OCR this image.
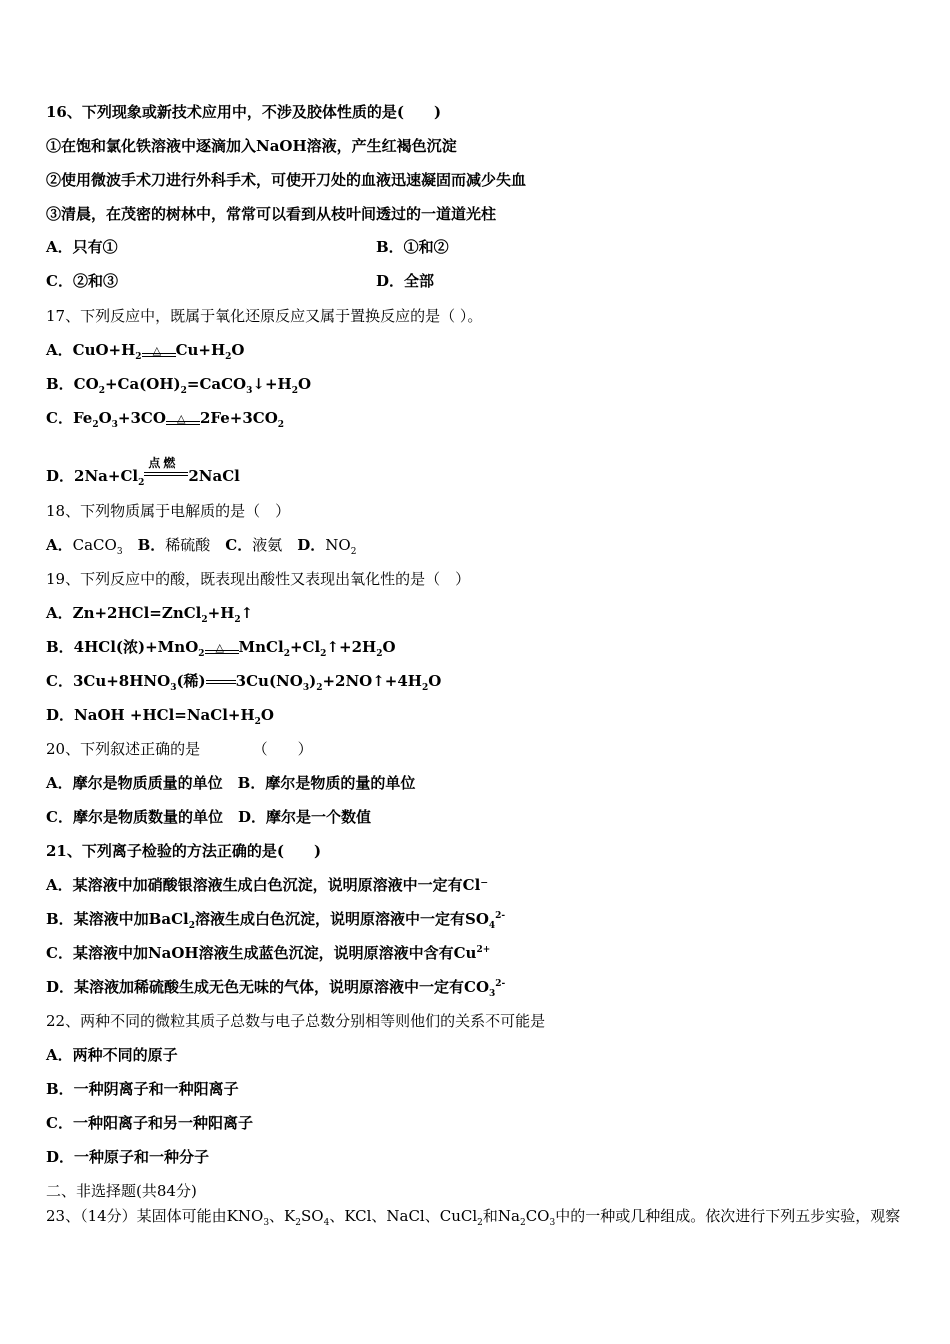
16、下列现象或新技术应用中，不涉及胶体性质的是(　　)
①在饱和氯化铁溶液中逐滴加入NaOH溶液，产生红褐色沉淀
②使用微波手术刀进行外科手术，可使开刀处的血液迅速凝固而减少失血
③清晨，在茂密的树林中，常常可以看到从枝叶间透过的一道道光柱
A．只有①	B．①和②
C．②和③	D．全部
17、下列反应中，既属于氧化还原反应又属于置换反应的是（ ）。
A．$CuO+H_2$ △ $Cu+H_2O$
B．$CO_2+Ca(OH)_2=CaCO_3↓+H_2O$
C．$Fe_2O_3+3CO$ △ $2Fe+3CO_2$
D．$2Na+Cl_2$
点燃
2NaCl
18、下列物质属于电解质的是（　）
A．CaCO$_3$　 B．稀硫酸　C．液氨　D．$NO_2$
19、下列反应中的酸，既表现出酸性又表现出氧化性的是（　）
A．$Zn+2HCl=ZnCl_2+H_2↑$
B．4HCl(浓)+MnO$_2$ △ $MnCl_2+Cl_2↑+2H_2O$
C．$3Cu+8HNO_3$(稀) $3Cu(NO_3)_2+2NO↑+4H_2O$
D．NaOH $+HCl=NaCl+H_2O$
20、下列叙述正确的是　　　　（　　）
A．摩尔是物质质量的单位　B．摩尔是物质的量的单位
C．摩尔是物质数量的单位　D．摩尔是一个数值
21、下列离子检验的方法正确的是(　　)
A．某溶液中加硝酸银溶液生成白色沉淀，说明原溶液中一定有Cl⁻
B．某溶液中加BaCl$_2$溶液生成白色沉淀，说明原溶液中一定有$SO_4^{2-}$
C．某溶液中加NaOH溶液生成蓝色沉淀，说明原溶液中含有$Cu^{2+}$
D．某溶液加稀硫酸生成无色无味的气体，说明原溶液中一定有$CO_3^{2-}$
22、两种不同的微粒其质子总数与电子总数分别相等则他们的关系不可能是
A．两种不同的原子
B．一种阴离子和一种阳离子
C．一种阳离子和另一种阳离子
D．一种原子和一种分子
二、非选择题(共84分)
23、（14分）某固体可能由$KNO_3$、$K_2SO_4$、KCl、NaCl、CuCl$_2$和$Na_2CO_3$中的一种或几种组成。依次进行下列五步实验，观察
